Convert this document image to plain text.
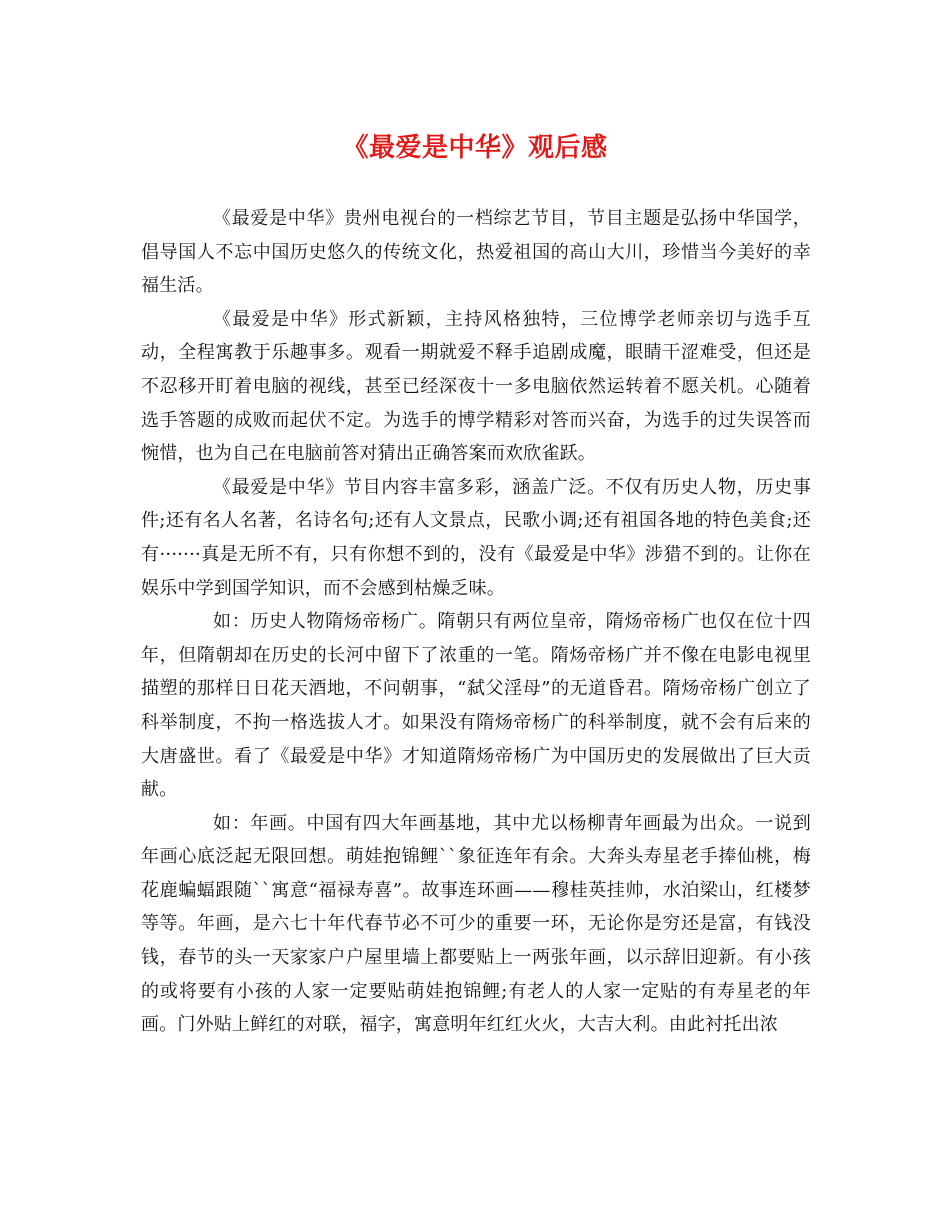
《最爱是中华》观后感

《最爱是中华》贵州电视台的一档综艺节目，节目主题是弘扬中华国学，倡导国人不忘中国历史悠久的传统文化，热爱祖国的高山大川，珍惜当今美好的幸福生活。

《最爱是中华》形式新颖，主持风格独特，三位博学老师亲切与选手互动，全程寓教于乐趣事多。观看一期就爱不释手追剧成魔，眼睛干涩难受，但还是不忍移开盯着电脑的视线，甚至已经深夜十一多电脑依然运转着不愿关机。心随着选手答题的成败而起伏不定。为选手的博学精彩对答而兴奋，为选手的过失误答而惋惜，也为自己在电脑前答对猜出正确答案而欢欣雀跃。

《最爱是中华》节目内容丰富多彩，涵盖广泛。不仅有历史人物，历史事件;还有名人名著，名诗名句;还有人文景点，民歌小调;还有祖国各地的特色美食;还有·······真是无所不有，只有你想不到的，没有《最爱是中华》涉猎不到的。让你在娱乐中学到国学知识，而不会感到枯燥乏味。

如：历史人物隋炀帝杨广。隋朝只有两位皇帝，隋炀帝杨广也仅在位十四年，但隋朝却在历史的长河中留下了浓重的一笔。隋炀帝杨广并不像在电影电视里描塑的那样日日花天酒地，不问朝事，“弑父淫母”的无道昏君。隋炀帝杨广创立了科举制度，不拘一格选拔人才。如果没有隋炀帝杨广的科举制度，就不会有后来的大唐盛世。看了《最爱是中华》才知道隋炀帝杨广为中国历史的发展做出了巨大贡献。

如：年画。中国有四大年画基地，其中尤以杨柳青年画最为出众。一说到年画心底泛起无限回想。萌娃抱锦鲤``象征连年有余。大奔头寿星老手捧仙桃，梅花鹿蝙蝠跟随``寓意“福禄寿喜”。故事连环画——穆桂英挂帅，水泊梁山，红楼梦等等。年画，是六七十年代春节必不可少的重要一环，无论你是穷还是富，有钱没钱，春节的头一天家家户户屋里墙上都要贴上一两张年画，以示辞旧迎新。有小孩的或将要有小孩的人家一定要贴萌娃抱锦鲤;有老人的人家一定贴的有寿星老的年画。门外贴上鲜红的对联，福字，寓意明年红红火火，大吉大利。由此衬托出浓
